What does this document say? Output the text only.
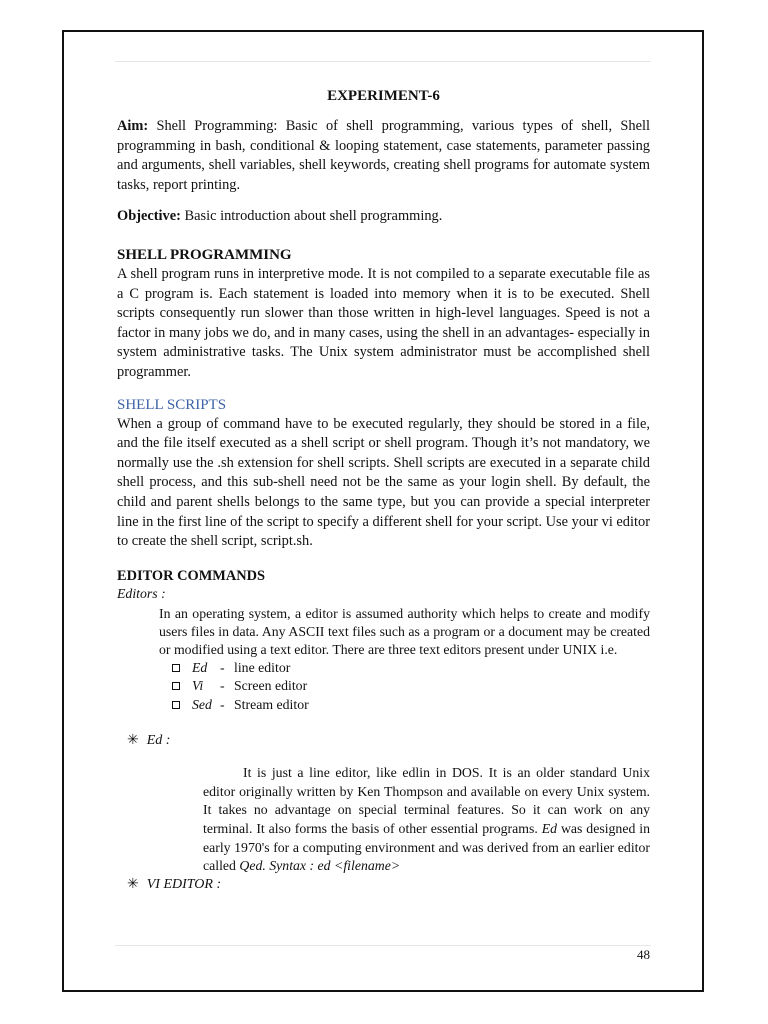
EXPERIMENT-6

Aim: Shell Programming: Basic of shell programming, various types of shell, Shell programming in bash, conditional & looping statement, case statements, parameter passing and arguments, shell variables, shell keywords, creating shell programs for automate system tasks, report printing.

Objective: Basic introduction about shell programming.

SHELL PROGRAMMING

A shell program runs in interpretive mode. It is not compiled to a separate executable file as a C program is. Each statement is loaded into memory when it is to be executed. Shell scripts consequently run slower than those written in high-level languages. Speed is not a factor in many jobs we do, and in many cases, using the shell in an advantages- especially in system administrative tasks. The Unix system administrator must be accomplished shell programmer.

SHELL SCRIPTS

When a group of command have to be executed regularly, they should be stored in a file, and the file itself executed as a shell script or shell program. Though it’s not mandatory, we normally use the .sh extension for shell scripts. Shell scripts are executed in a separate child shell process, and this sub-shell need not be the same as your login shell. By default, the child and parent shells belongs to the same type, but you can provide a special interpreter line in the first line of the script to specify a different shell for your script. Use your vi editor to create the shell script, script.sh.

EDITOR COMMANDS

Editors :

In an operating system, a editor is assumed authority which helps to create and modify users files in data. Any ASCII text files such as a program or a document may be created or modified using a text editor. There are three text editors present under UNIX i.e.

Ed - line editor
Vi	- Screen editor
Sed - Stream editor

✳ Ed :

It is just a line editor, like edlin in DOS. It is an older standard Unix editor originally written by Ken Thompson and available on every Unix system. It takes no advantage on special terminal features. So it can work on any terminal. It also forms the basis of other essential programs. Ed was designed in early 1970's for a computing environment and was derived from an earlier editor called Qed. Syntax : ed <filename>

✳ VI EDITOR :

48
